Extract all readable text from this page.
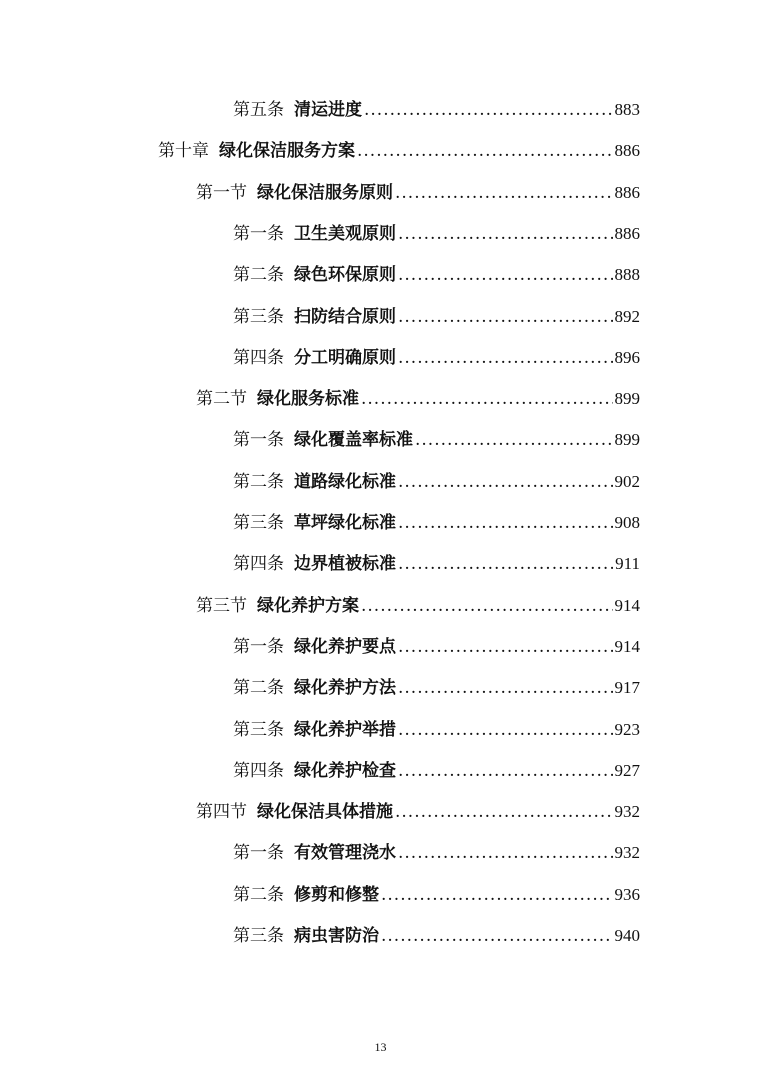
第五条 清运进度 .....	883
第十章 绿化保洁服务方案 .....	886
第一节 绿化保洁服务原则 .....	886
第一条 卫生美观原则 .....	886
第二条 绿色环保原则 .....	888
第三条 扫防结合原则 .....	892
第四条 分工明确原则 .....	896
第二节 绿化服务标准 .....	899
第一条 绿化覆盖率标准 .....	899
第二条 道路绿化标准 .....	902
第三条 草坪绿化标准 .....	908
第四条 边界植被标准 .....	911
第三节 绿化养护方案 .....	914
第一条 绿化养护要点 .....	914
第二条 绿化养护方法 .....	917
第三条 绿化养护举措 .....	923
第四条 绿化养护检查 .....	927
第四节 绿化保洁具体措施 .....	932
第一条 有效管理浇水 .....	932
第二条 修剪和修整 .....	936
第三条 病虫害防治 .....	940
13
